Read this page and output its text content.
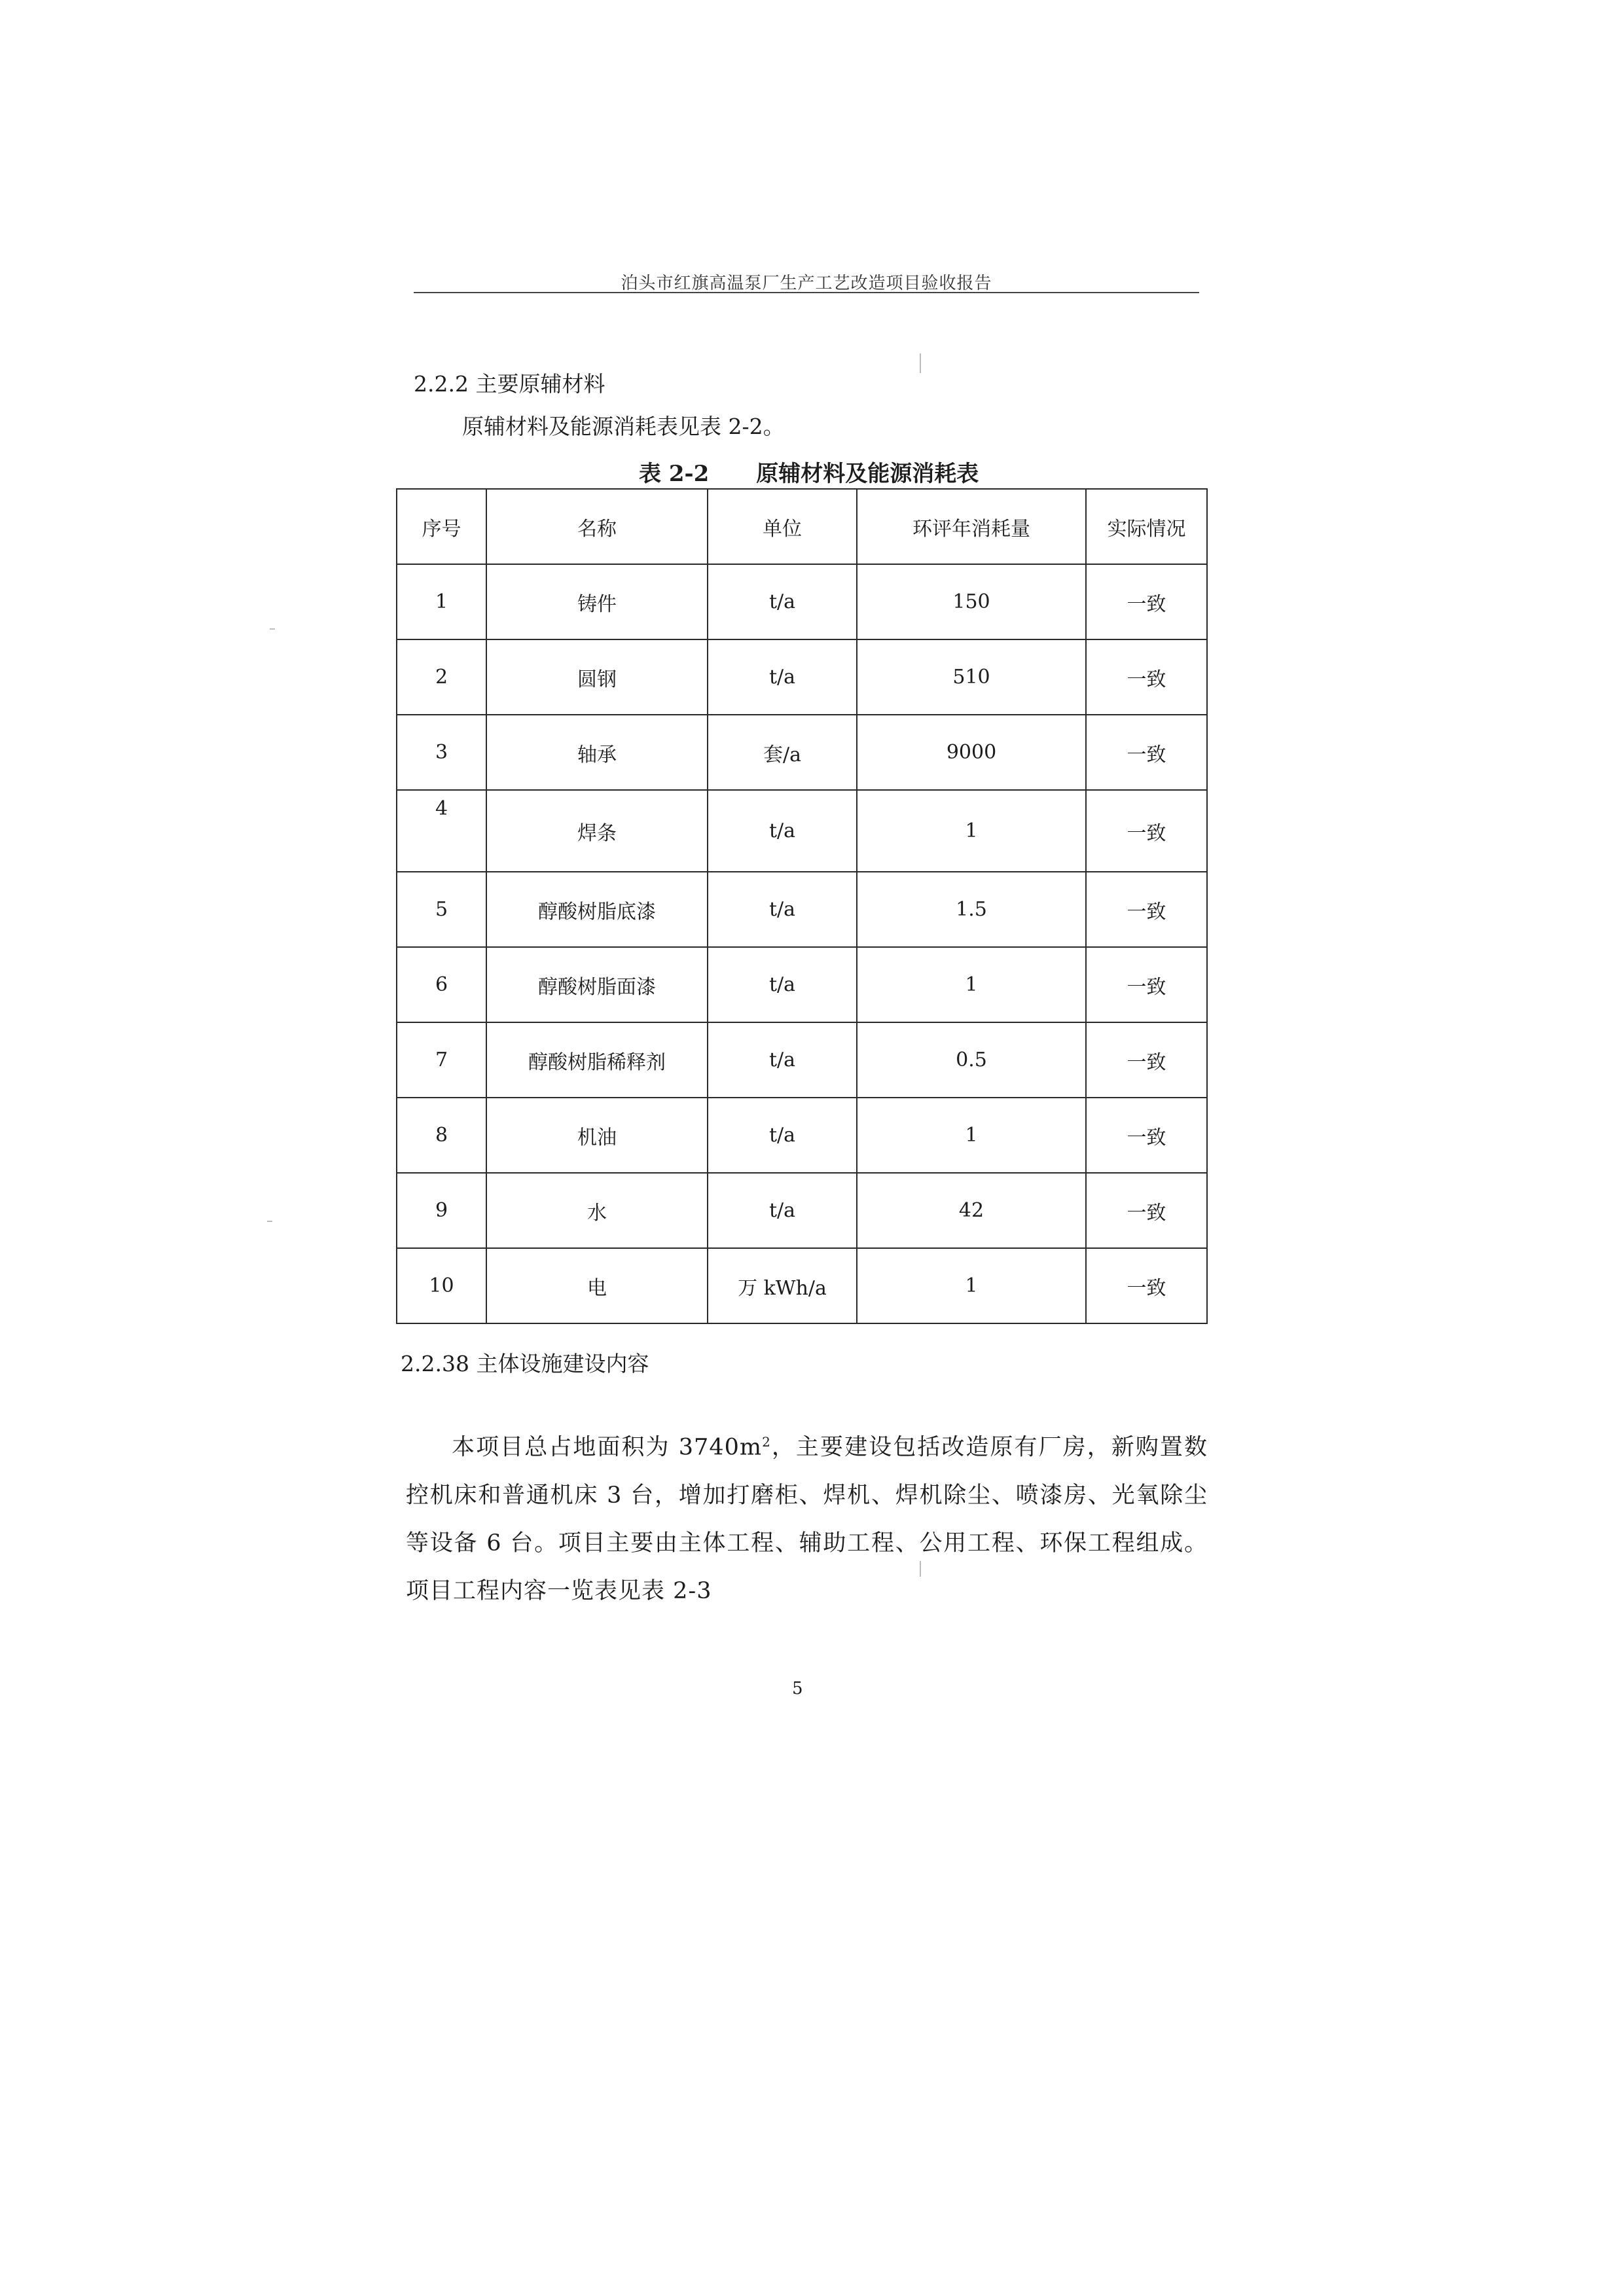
泊头市红旗高温泵厂生产工艺改造项目验收报告
2.2.2 主要原辅材料
原辅材料及能源消耗表见表 2-2。
表 2-2 原辅材料及能源消耗表
序号	名称	单位	环评年消耗量	实际情况
1	铸件	t/a	150	一致
2	圆钢	t/a	510	一致
3	轴承	套/a	9000	一致
4	焊条	t/a	1	一致
5	醇酸树脂底漆	t/a	1.5	一致
6	醇酸树脂面漆	t/a	1	一致
7	醇酸树脂稀释剂	t/a	0.5	一致
8	机油	t/a	1	一致
9	水	t/a	42	一致
10	电	万 kWh/a	1	一致
2.2.38 主体设施建设内容

本项目总占地面积为 $3740m^2$，主要建设包括改造原有厂房，新购置数控机床和普通机床 3 台，增加打磨柜、焊机、焊机除尘、喷漆房、光氧除尘等设备 6 台。项目主要由主体工程、辅助工程、公用工程、环保工程组成。项目工程内容一览表见表 2-3

5
